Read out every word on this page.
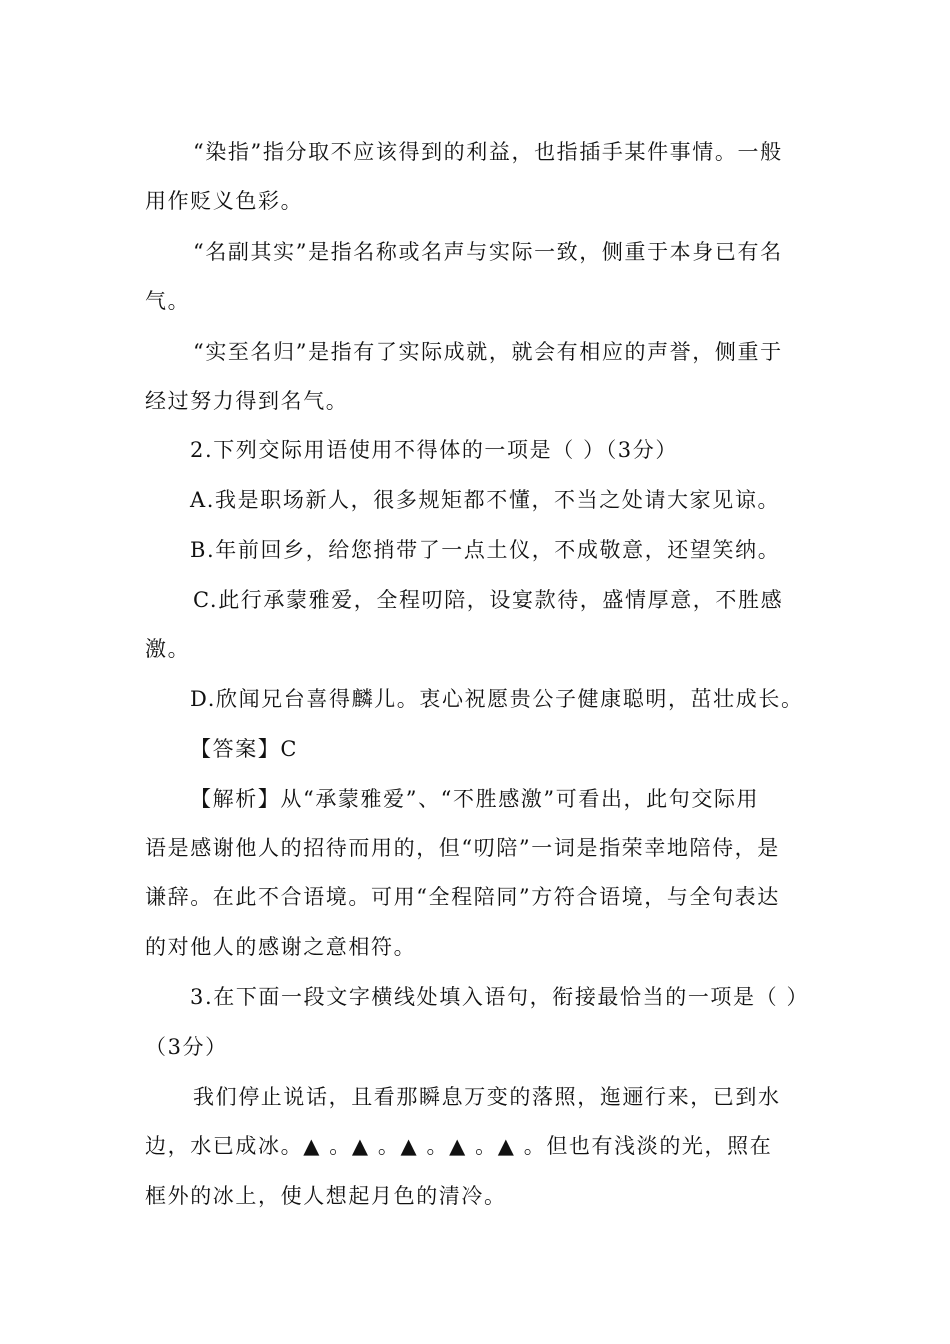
“染指”指分取不应该得到的利益，也指插手某件事情。一般
用作贬义色彩。
“名副其实”是指名称或名声与实际一致，侧重于本身已有名
气。
“实至名归”是指有了实际成就，就会有相应的声誉，侧重于
经过努力得到名气。
2.下列交际用语使用不得体的一项是（ ）（3分）
A.我是职场新人，很多规矩都不懂，不当之处请大家见谅。
B.年前回乡，给您捎带了一点土仪，不成敬意，还望笑纳。
C.此行承蒙雅爱，全程叨陪，设宴款待，盛情厚意，不胜感
激。
D.欣闻兄台喜得麟儿。衷心祝愿贵公子健康聪明，茁壮成长。
【答案】C
【解析】从“承蒙雅爱”、“不胜感激”可看出，此句交际用
语是感谢他人的招待而用的，但“叨陪”一词是指荣幸地陪侍，是
谦辞。在此不合语境。可用“全程陪同”方符合语境，与全句表达
的对他人的感谢之意相符。
3.在下面一段文字横线处填入语句，衔接最恰当的一项是（ ）
（3分）
我们停止说话，且看那瞬息万变的落照，迤逦行来，已到水
边，水已成冰。▲ 。▲ 。▲ 。▲ 。▲ 。但也有浅淡的光，照在
框外的冰上，使人想起月色的清冷。
